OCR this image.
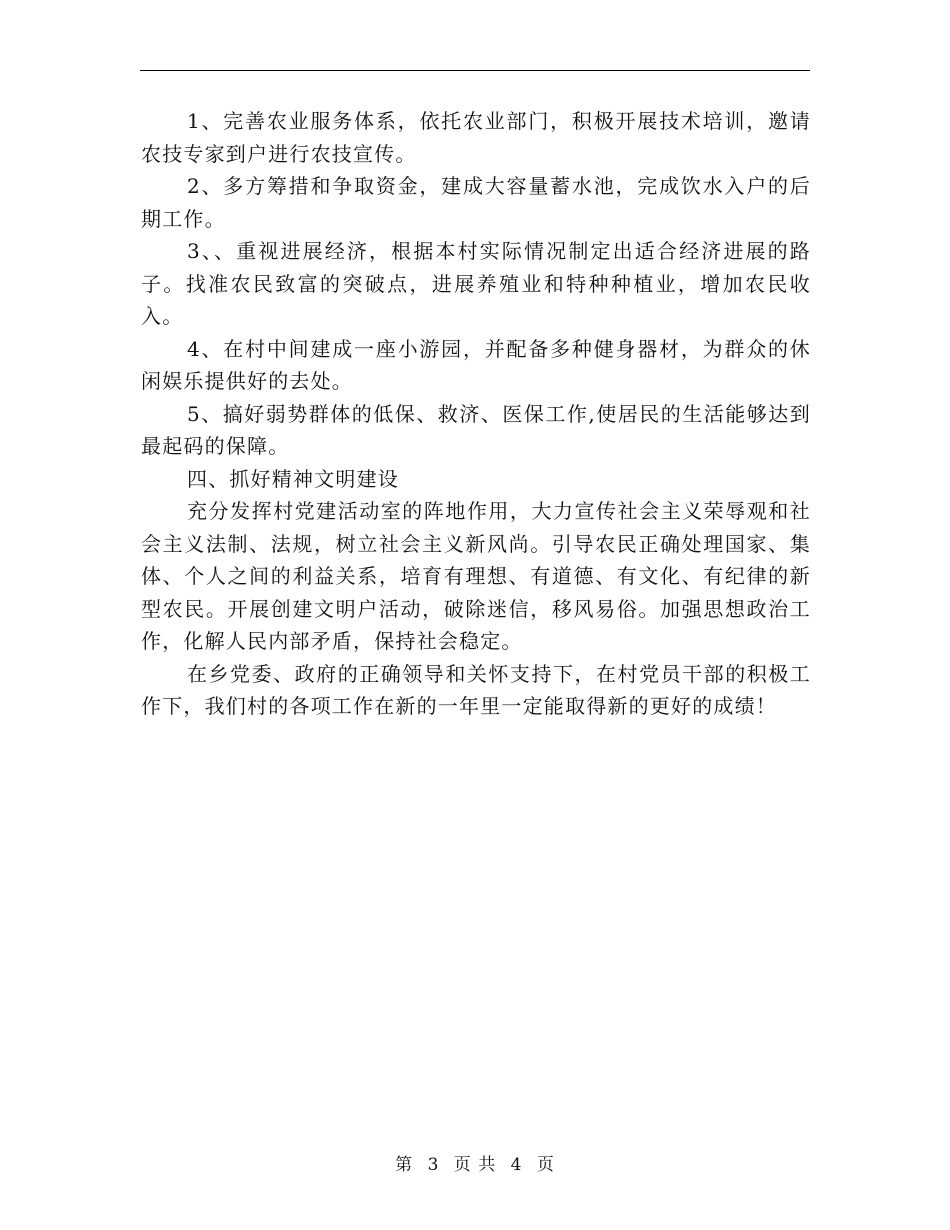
1、完善农业服务体系，依托农业部门，积极开展技术培训，邀请农技专家到户进行农技宣传。

2、多方筹措和争取资金，建成大容量蓄水池，完成饮水入户的后期工作。

3、、重视进展经济，根据本村实际情况制定出适合经济进展的路子。找准农民致富的突破点，进展养殖业和特种种植业，增加农民收入。

4、在村中间建成一座小游园，并配备多种健身器材，为群众的休闲娱乐提供好的去处。

5、搞好弱势群体的低保、救济、医保工作,使居民的生活能够达到最起码的保障。

四、抓好精神文明建设

充分发挥村党建活动室的阵地作用，大力宣传社会主义荣辱观和社会主义法制、法规，树立社会主义新风尚。引导农民正确处理国家、集体、个人之间的利益关系，培育有理想、有道德、有文化、有纪律的新型农民。开展创建文明户活动，破除迷信，移风易俗。加强思想政治工作，化解人民内部矛盾，保持社会稳定。

在乡党委、政府的正确领导和关怀支持下，在村党员干部的积极工作下，我们村的各项工作在新的一年里一定能取得新的更好的成绩！

第 3 页 共 4 页
